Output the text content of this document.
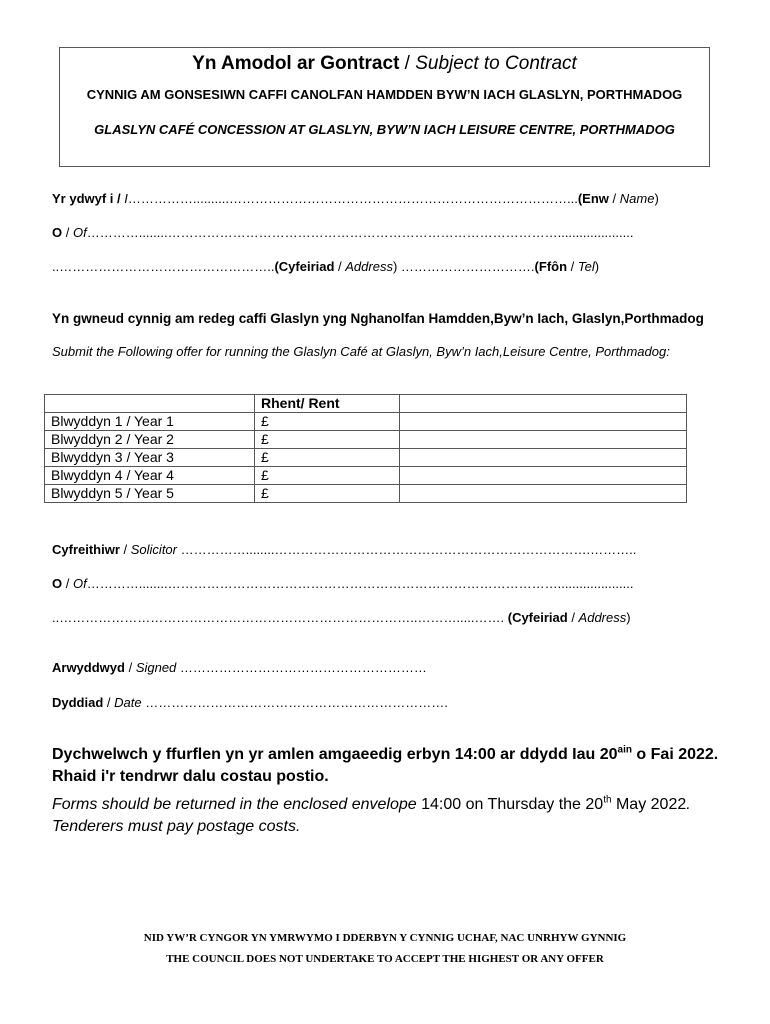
Yn Amodol ar Gontract / Subject to Contract
CYNNIG AM GONSESIWN CAFFI CANOLFAN HAMDDEN BYW’N IACH GLASLYN, PORTHMADOG
GLASLYN CAFÉ CONCESSION AT GLASLYN, BYW’N IACH LEISURE CENTRE, PORTHMADOG
Yr ydwyf i / I……………..........……………………………………………………………………...(Enw / Name)
O / Of…………........……………………………………………………………………………….....................
..…………………………………………..(Cyfeiriad / Address) ………………………….(Ffôn / Tel)
Yn gwneud cynnig am redeg caffi Glaslyn yng Nghanolfan Hamdden,Byw’n Iach, Glaslyn,Porthmadog
Submit the Following offer for running the Glaslyn Café at Glaslyn, Byw’n Iach,Leisure Centre, Porthmadog:
	Rhent/ Rent	
Blwyddyn 1 / Year 1	£	
Blwyddyn 2 / Year 2	£	
Blwyddyn 3 / Year 3	£	
Blwyddyn 4 / Year 4	£	
Blwyddyn 5 / Year 5	£	
Cyfreithiwr / Solicitor ……………........……………………………………………………………….………..
O / Of…………........……………………………………………………………………………….....................
..………………………………………………………………………..……….....……. (Cyfeiriad / Address)
Arwyddwyd / Signed …………………………………………………
Dyddiad / Date …………………………………………………………….
Dychwelwch y ffurflen yn yr amlen amgaeedig erbyn 14:00 ar ddydd Iau $20^{ain}$ o Fai 2022. Rhaid i'r tendrwr dalu costau postio.
Forms should be returned in the enclosed envelope 14:00 on Thursday the 20th May 2022. Tenderers must pay postage costs.
NID YW’R CYNGOR YN YMRWYMO I DDERBYN Y CYNNIG UCHAF, NAC UNRHYW GYNNIG
THE COUNCIL DOES NOT UNDERTAKE TO ACCEPT THE HIGHEST OR ANY OFFER
